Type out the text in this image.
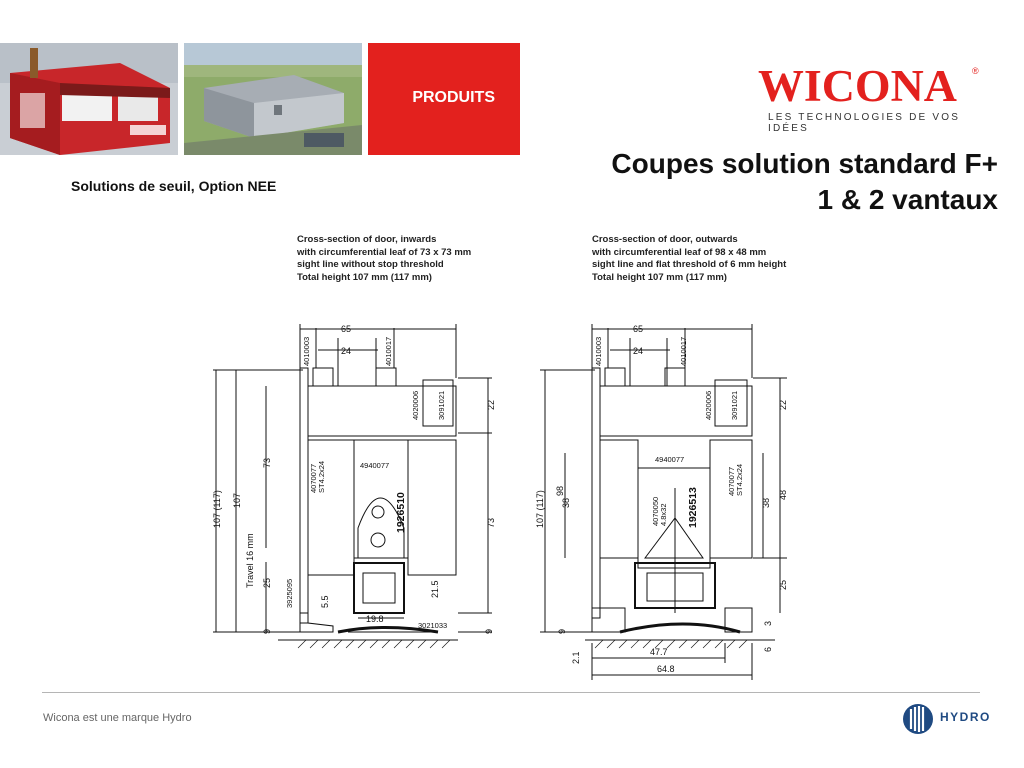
PRODUITS	WICONA	®
LES TECHNOLOGIES DE VOS IDÉES
Coupes solution standard F+
1 & 2 vantaux
Solutions de seuil, Option NEE
Cross-section of door, inwards
with circumferential leaf of 73 x 73 mm
sight line without stop threshold
Total height 107 mm (117 mm)
65
24
22
73
73
107 (117) 107
Travel 16 mm 25
5.5
21.5
19.8
9	9
4010003	4010017
4020006 3091021
4940077
4070077 ST4.2x24
1926510
3925095
3021033
Cross-section of door, outwards
with circumferential leaf of 98 x 48 mm
sight line and flat threshold of 6 mm height
Total height 107 mm (117 mm)
65
24
22
48
38
38
107 (117) 98
25
9
3
6
2.1	47.7
64.8
4010003	4010017
4020006 3091021
4940077
4070077 ST4.2x24
1926513
4070050 4.8x32
Wicona est une marque Hydro	HYDRO
